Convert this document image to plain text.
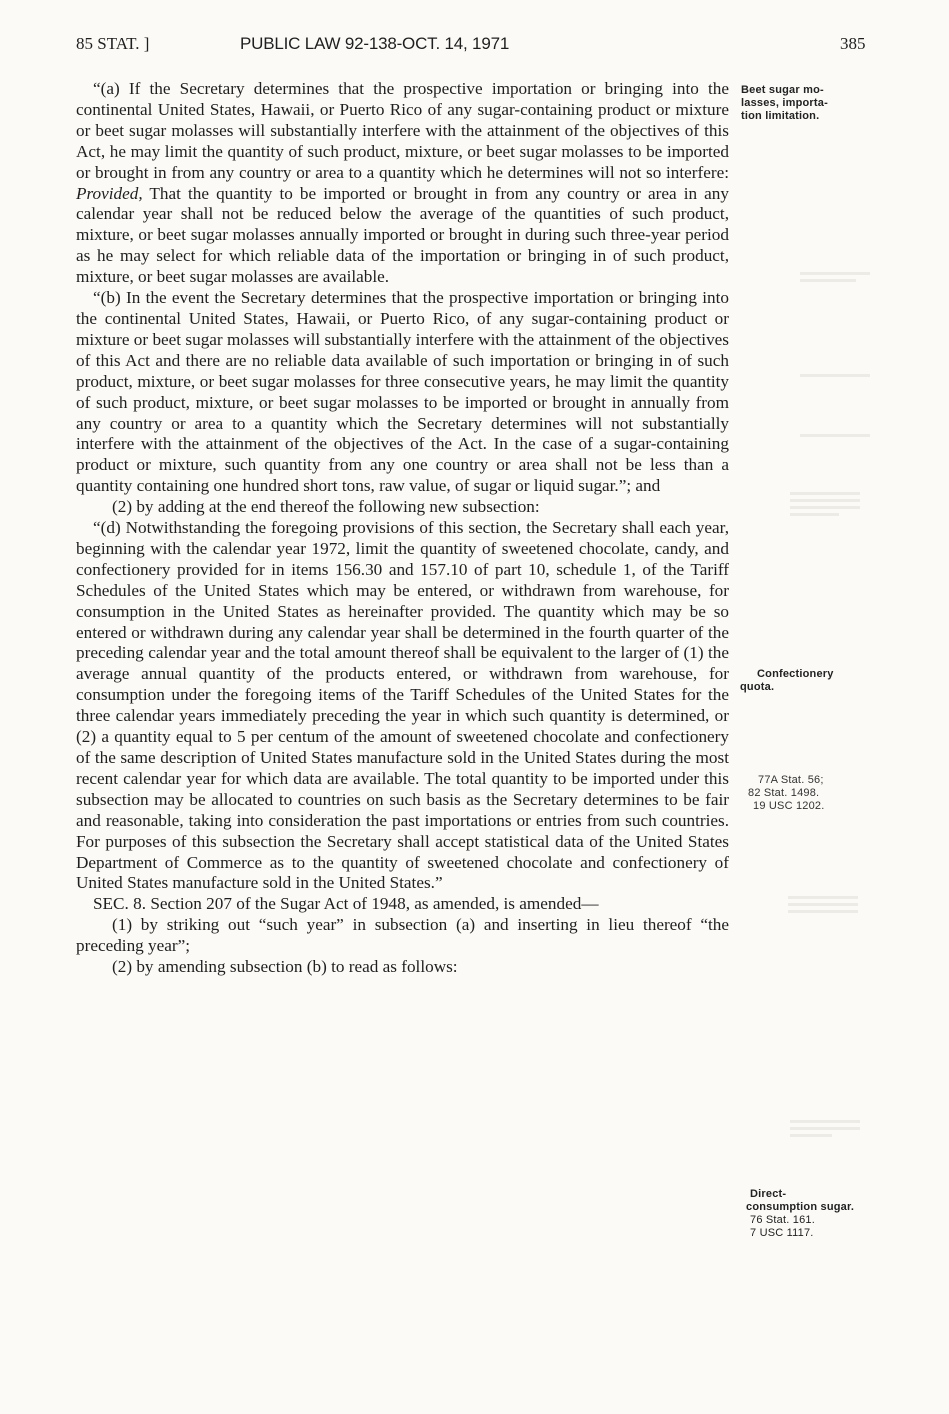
85 STAT. ]	PUBLIC LAW 92-138-OCT. 14, 1971	385

“(a) If the Secretary determines that the prospective importation or bringing into the continental United States, Hawaii, or Puerto Rico of any sugar-containing product or mixture or beet sugar molasses will substantially interfere with the attainment of the objectives of this Act, he may limit the quantity of such product, mixture, or beet sugar molasses to be imported or brought in from any country or area to a quantity which he determines will not so interfere: Provided, That the quantity to be imported or brought in from any country or area in any calendar year shall not be reduced below the average of the quantities of such product, mixture, or beet sugar molasses annually imported or brought in during such three-year period as he may select for which reliable data of the importation or bringing in of such product, mixture, or beet sugar molasses are available.

“(b) In the event the Secretary determines that the prospective importation or bringing into the continental United States, Hawaii, or Puerto Rico, of any sugar-containing product or mixture or beet sugar molasses will substantially interfere with the attainment of the objectives of this Act and there are no reliable data available of such importation or bringing in of such product, mixture, or beet sugar molasses for three consecutive years, he may limit the quantity of such product, mixture, or beet sugar molasses to be imported or brought in annually from any country or area to a quantity which the Secretary determines will not substantially interfere with the attainment of the objectives of the Act. In the case of a sugar-containing product or mixture, such quantity from any one country or area shall not be less than a quantity containing one hundred short tons, raw value, of sugar or liquid sugar.”; and

(2) by adding at the end thereof the following new subsection:

“(d) Notwithstanding the foregoing provisions of this section, the Secretary shall each year, beginning with the calendar year 1972, limit the quantity of sweetened chocolate, candy, and confectionery provided for in items 156.30 and 157.10 of part 10, schedule 1, of the Tariff Schedules of the United States which may be entered, or withdrawn from warehouse, for consumption in the United States as hereinafter provided. The quantity which may be so entered or withdrawn during any calendar year shall be determined in the fourth quarter of the preceding calendar year and the total amount thereof shall be equivalent to the larger of (1) the average annual quantity of the products entered, or withdrawn from warehouse, for consumption under the foregoing items of the Tariff Schedules of the United States for the three calendar years immediately preceding the year in which such quantity is determined, or (2) a quantity equal to 5 per centum of the amount of sweetened chocolate and confectionery of the same description of United States manufacture sold in the United States during the most recent calendar year for which data are available. The total quantity to be imported under this subsection may be allocated to countries on such basis as the Secretary determines to be fair and reasonable, taking into consideration the past importations or entries from such countries. For purposes of this subsection the Secretary shall accept statistical data of the United States Department of Commerce as to the quantity of sweetened chocolate and confectionery of United States manufacture sold in the United States.”

SEC. 8. Section 207 of the Sugar Act of 1948, as amended, is amended—

(1) by striking out “such year” in subsection (a) and inserting in lieu thereof “the preceding year”;

(2) by amending subsection (b) to read as follows:

Beet sugar mo-
lasses, importa-
tion limitation.
Confectionery
quota.
77A Stat. 56;
82 Stat. 1498.
19 USC 1202.
Direct-
consumption sugar.
76 Stat. 161.
7 USC 1117.
